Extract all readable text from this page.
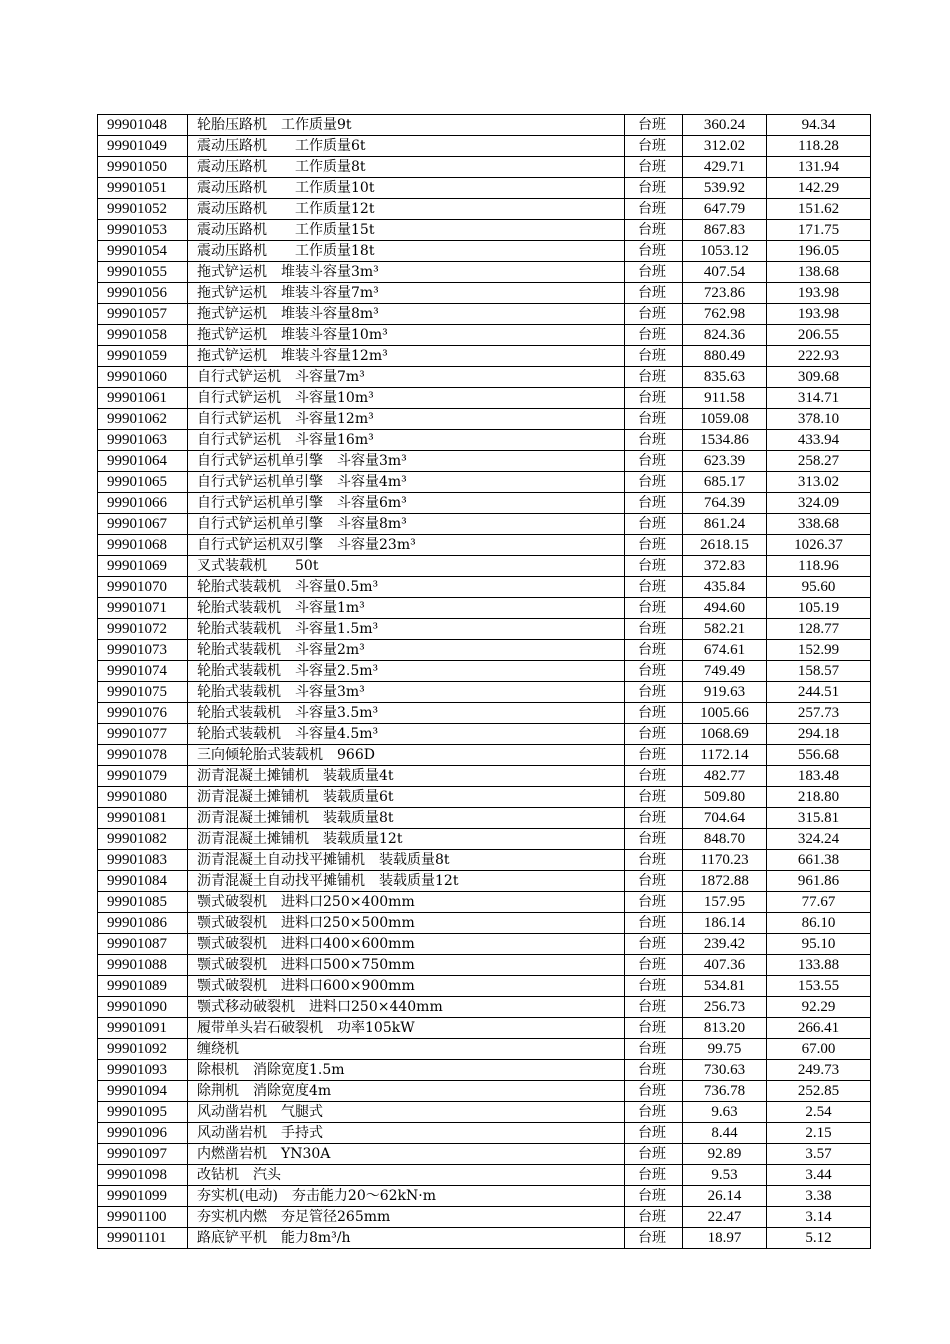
99901048	轮胎压路机　工作质量9t	台班	360.24	94.34
99901049	震动压路机　　工作质量6t	台班	312.02	118.28
99901050	震动压路机　　工作质量8t	台班	429.71	131.94
99901051	震动压路机　　工作质量10t	台班	539.92	142.29
99901052	震动压路机　　工作质量12t	台班	647.79	151.62
99901053	震动压路机　　工作质量15t	台班	867.83	171.75
99901054	震动压路机　　工作质量18t	台班	1053.12	196.05
99901055	拖式铲运机　堆装斗容量3m³	台班	407.54	138.68
99901056	拖式铲运机　堆装斗容量7m³	台班	723.86	193.98
99901057	拖式铲运机　堆装斗容量8m³	台班	762.98	193.98
99901058	拖式铲运机　堆装斗容量10m³	台班	824.36	206.55
99901059	拖式铲运机　堆装斗容量12m³	台班	880.49	222.93
99901060	自行式铲运机　斗容量7m³	台班	835.63	309.68
99901061	自行式铲运机　斗容量10m³	台班	911.58	314.71
99901062	自行式铲运机　斗容量12m³	台班	1059.08	378.10
99901063	自行式铲运机　斗容量16m³	台班	1534.86	433.94
99901064	自行式铲运机单引擎　斗容量3m³	台班	623.39	258.27
99901065	自行式铲运机单引擎　斗容量4m³	台班	685.17	313.02
99901066	自行式铲运机单引擎　斗容量6m³	台班	764.39	324.09
99901067	自行式铲运机单引擎　斗容量8m³	台班	861.24	338.68
99901068	自行式铲运机双引擎　斗容量23m³	台班	2618.15	1026.37
99901069	叉式装载机　　50t	台班	372.83	118.96
99901070	轮胎式装载机　斗容量0.5m³	台班	435.84	95.60
99901071	轮胎式装载机　斗容量1m³	台班	494.60	105.19
99901072	轮胎式装载机　斗容量1.5m³	台班	582.21	128.77
99901073	轮胎式装载机　斗容量2m³	台班	674.61	152.99
99901074	轮胎式装载机　斗容量2.5m³	台班	749.49	158.57
99901075	轮胎式装载机　斗容量3m³	台班	919.63	244.51
99901076	轮胎式装载机　斗容量3.5m³	台班	1005.66	257.73
99901077	轮胎式装载机　斗容量4.5m³	台班	1068.69	294.18
99901078	三向倾轮胎式装载机　966D	台班	1172.14	556.68
99901079	沥青混凝土摊铺机　装载质量4t	台班	482.77	183.48
99901080	沥青混凝土摊铺机　装载质量6t	台班	509.80	218.80
99901081	沥青混凝土摊铺机　装载质量8t	台班	704.64	315.81
99901082	沥青混凝土摊铺机　装载质量12t	台班	848.70	324.24
99901083	沥青混凝土自动找平摊铺机　装载质量8t	台班	1170.23	661.38
99901084	沥青混凝土自动找平摊铺机　装载质量12t	台班	1872.88	961.86
99901085	颚式破裂机　进料口250×400mm	台班	157.95	77.67
99901086	颚式破裂机　进料口250×500mm	台班	186.14	86.10
99901087	颚式破裂机　进料口400×600mm	台班	239.42	95.10
99901088	颚式破裂机　进料口500×750mm	台班	407.36	133.88
99901089	颚式破裂机　进料口600×900mm	台班	534.81	153.55
99901090	颚式移动破裂机　进料口250×440mm	台班	256.73	92.29
99901091	履带单头岩石破裂机　功率105kW	台班	813.20	266.41
99901092	缠绕机	台班	99.75	67.00
99901093	除根机　消除宽度1.5m	台班	730.63	249.73
99901094	除荆机　消除宽度4m	台班	736.78	252.85
99901095	风动凿岩机　气腿式	台班	9.63	2.54
99901096	风动凿岩机　手持式	台班	8.44	2.15
99901097	内燃凿岩机　YN30A	台班	92.89	3.57
99901098	改钻机　汽头	台班	9.53	3.44
99901099	夯实机(电动)　夯击能力20～62kN·m	台班	26.14	3.38
99901100	夯实机内燃　夯足管径265mm	台班	22.47	3.14
99901101	路底铲平机　能力8m³/h	台班	18.97	5.12
